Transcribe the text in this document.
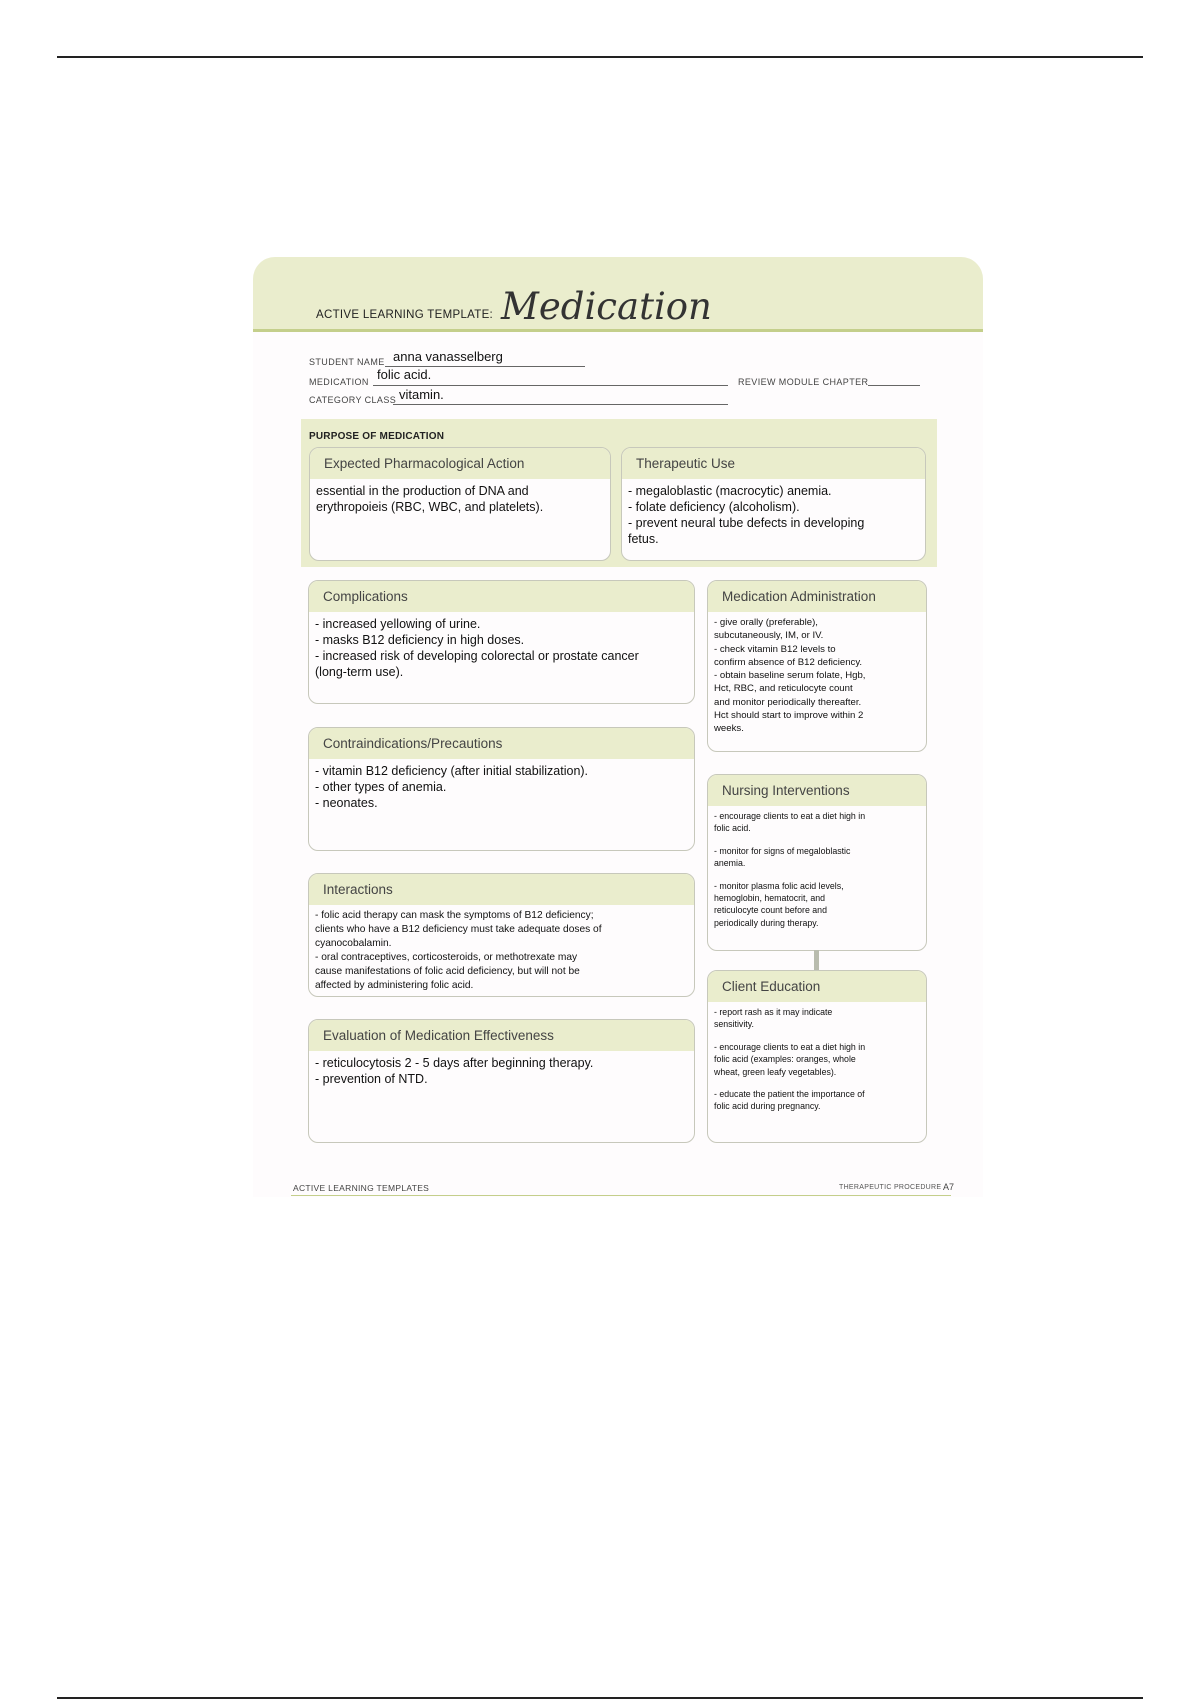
ACTIVE LEARNING TEMPLATE: Medication
STUDENT NAME anna vanasselberg
MEDICATION folic acid.	REVIEW MODULE CHAPTER
CATEGORY CLASS vitamin.
PURPOSE OF MEDICATION
Expected Pharmacological Action
essential in the production of DNA and
erythropoieis (RBC, WBC, and platelets).
Therapeutic Use
- megaloblastic (macrocytic) anemia.
- folate deficiency (alcoholism).
- prevent neural tube defects in developing
fetus.
Complications
- increased yellowing of urine.
- masks B12 deficiency in high doses.
- increased risk of developing colorectal or prostate cancer
(long-term use).
Contraindications/Precautions
- vitamin B12 deficiency (after initial stabilization).
- other types of anemia.
- neonates.
Interactions
- folic acid therapy can mask the symptoms of B12 deficiency;
clients who have a B12 deficiency must take adequate doses of
cyanocobalamin.
- oral contraceptives, corticosteroids, or methotrexate may
cause manifestations of folic acid deficiency, but will not be
affected by administering folic acid.
Evaluation of Medication Effectiveness
- reticulocytosis 2 - 5 days after beginning therapy.
- prevention of NTD.
Medication Administration
- give orally (preferable),
subcutaneously, IM, or IV.
- check vitamin B12 levels to
confirm absence of B12 deficiency.
- obtain baseline serum folate, Hgb,
Hct, RBC, and reticulocyte count
and monitor periodically thereafter.
Hct should start to improve within 2
weeks.
Nursing Interventions
- encourage clients to eat a diet high in
folic acid.
- monitor for signs of megaloblastic
anemia.
- monitor plasma folic acid levels,
hemoglobin, hematocrit, and
reticulocyte count before and
periodically during therapy.
Client Education
- report rash as it may indicate
sensitivity.
- encourage clients to eat a diet high in
folic acid (examples: oranges, whole
wheat, green leafy vegetables).
- educate the patient the importance of
folic acid during pregnancy.
ACTIVE LEARNING TEMPLATES	THERAPEUTIC PROCEDURE A7
